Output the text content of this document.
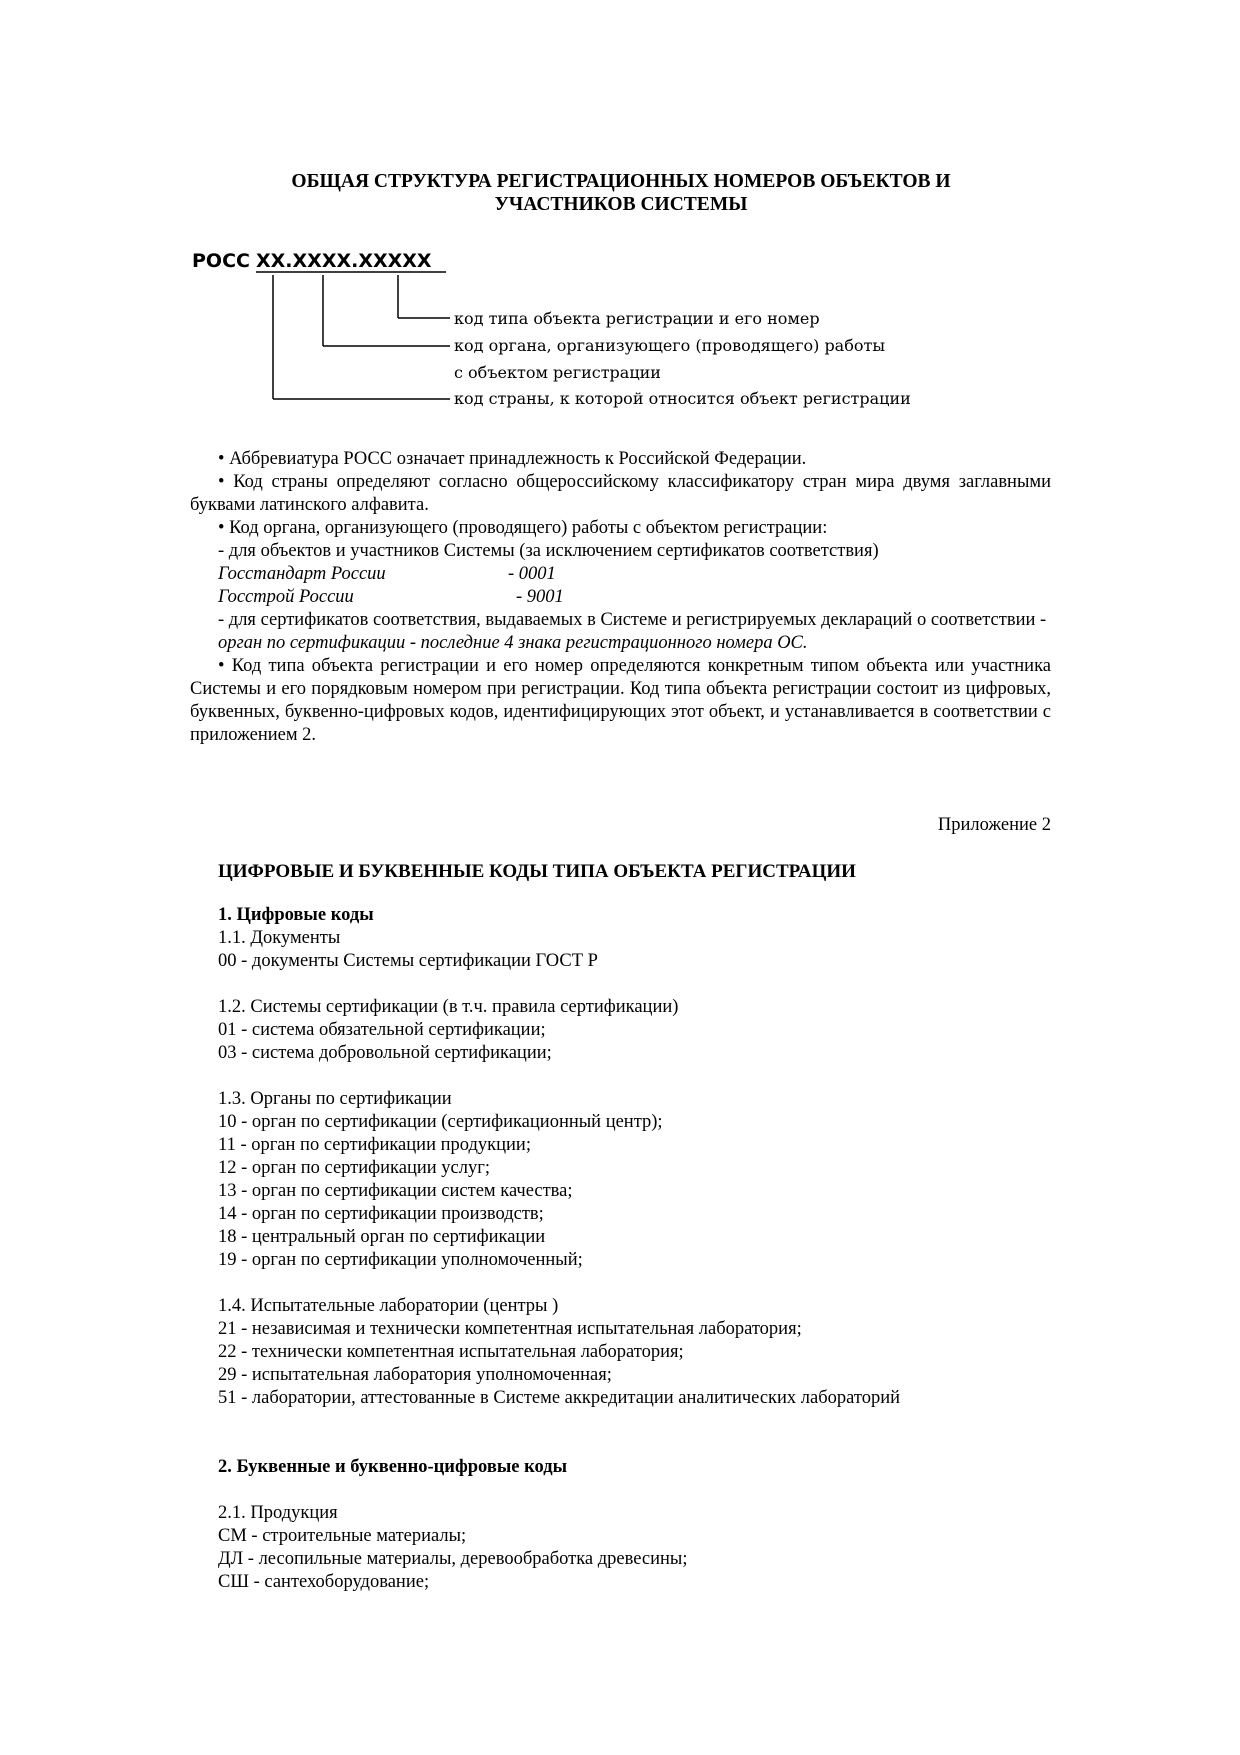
ОБЩАЯ СТРУКТУРА РЕГИСТРАЦИОННЫХ НОМЕРОВ ОБЪЕКТОВ И
УЧАСТНИКОВ СИСТЕМЫ
РОСС XX.XXXX.XXXXX
код типа объекта регистрации и его номер
код органа, организующего (проводящего) работы
с объектом регистрации
код страны, к которой относится объект регистрации

• Аббревиатура РОСС означает принадлежность к Российской Федерации.

• Код страны определяют согласно общероссийскому классификатору стран мира двумя заглавными буквами латинского алфавита.

• Код органа, организующего (проводящего) работы с объектом регистрации:

- для объектов и участников Системы (за исключением сертификатов соответствия)

Госстандарт России	- 0001
Госстрой России	- 9001

- для сертификатов соответствия, выдаваемых в Системе и регистрируемых деклараций о соответствии -

орган по сертификации - последние 4 знака регистрационного номера ОС.

• Код типа объекта регистрации и его номер определяются конкретным типом объекта или участника Системы и его порядковым номером при регистрации. Код типа объекта регистрации состоит из цифровых, буквенных, буквенно-цифровых кодов, идентифицирующих этот объект, и устанавливается в соответствии с приложением 2.

Приложение 2

ЦИФРОВЫЕ И БУКВЕННЫЕ КОДЫ ТИПА ОБЪЕКТА РЕГИСТРАЦИИ

1. Цифровые коды

1.1. Документы

00 - документы Системы сертификации ГОСТ Р

1.2. Системы сертификации (в т.ч. правила сертификации)

01 - система обязательной сертификации;

03 - система добровольной сертификации;

1.3. Органы по сертификации

10 - орган по сертификации (сертификационный центр);

11 - орган по сертификации продукции;

12 - орган по сертификации услуг;

13 - орган по сертификации систем качества;

14 - орган по сертификации производств;

18 - центральный орган по сертификации

19 - орган по сертификации уполномоченный;

1.4. Испытательные лаборатории (центры )

21 - независимая и технически компетентная испытательная лаборатория;

22 - технически компетентная испытательная лаборатория;

29 - испытательная лаборатория уполномоченная;

51 - лаборатории, аттестованные в Системе аккредитации аналитических лабораторий

2. Буквенные и буквенно-цифровые коды

2.1. Продукция

СМ - строительные материалы;

ДЛ - лесопильные материалы, деревообработка древесины;

СШ - сантехоборудование;
